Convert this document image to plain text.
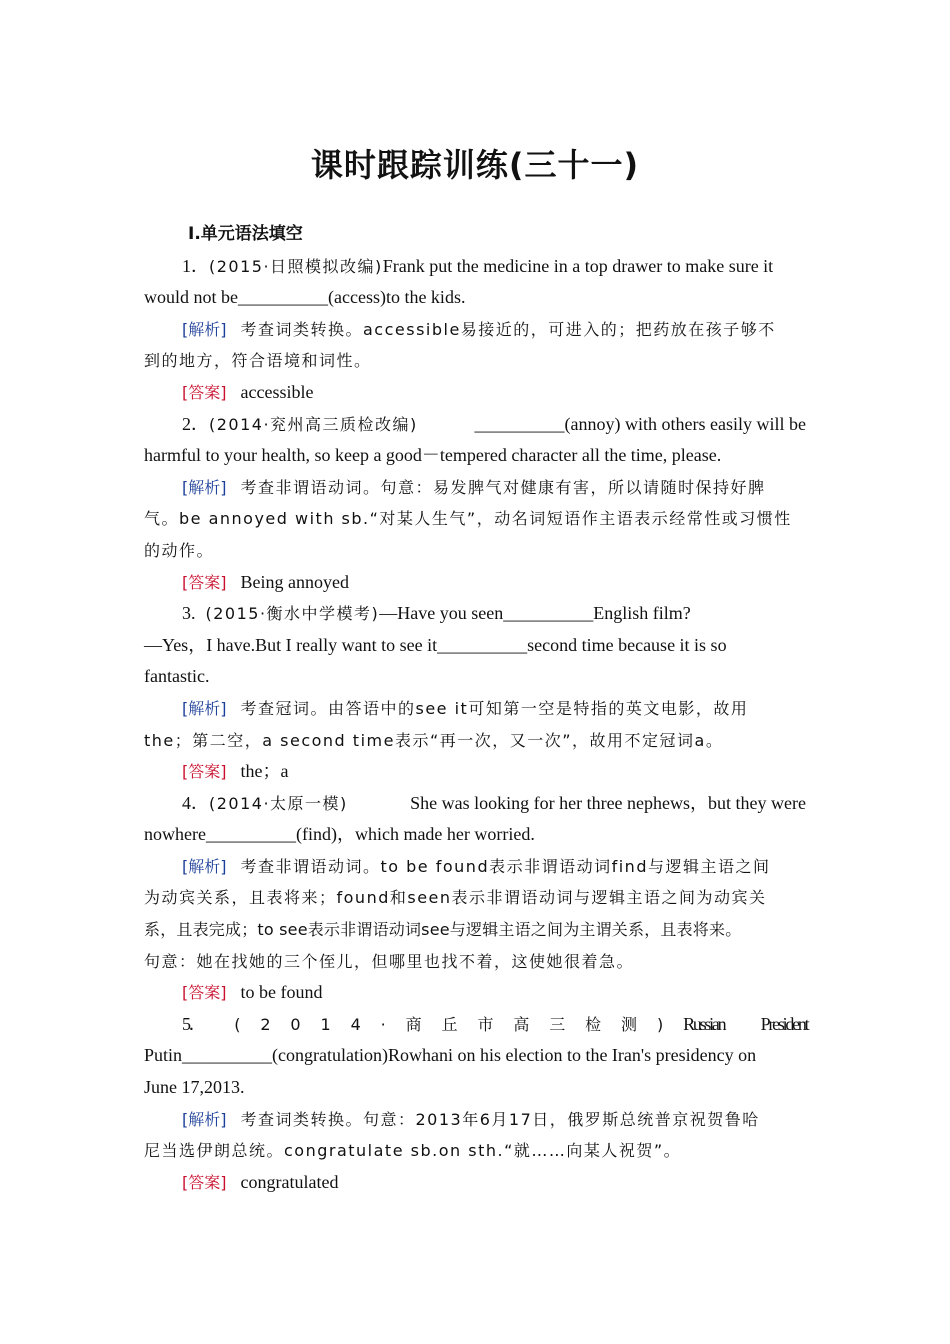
课时跟踪训练(三十一)
Ⅰ.单元语法填空
1．(2015·日照模拟改编)Frank put the medicine in a top drawer to make sure it
would not be__________(access)to the kids.
[解析] 考查词类转换。accessible易接近的，可进入的；把药放在孩子够不
到的地方，符合语境和词性。
[答案] accessible
2．(2014·兖州高三质检改编)	__________(annoy) with others easily will be
harmful to your health, so keep a good－tempered character all the time, please.
[解析] 考查非谓语动词。句意：易发脾气对健康有害，所以请随时保持好脾
气。be annoyed with sb.“对某人生气”，动名词短语作主语表示经常性或习惯性
的动作。
[答案] Being annoyed
3. (2015·衡水中学模考)—Have you seen__________English film?
—Yes，I have.But I really want to see it__________second time because it is so
fantastic.
[解析] 考查冠词。由答语中的see it可知第一空是特指的英文电影，故用
the；第二空，a second time表示“再一次，又一次”，故用不定冠词a。
[答案] the；a
4．(2014·太原一模)	She was looking for her three nephews，but they were
nowhere__________(find)，which made her worried.
[解析] 考查非谓语动词。to be found表示非谓语动词find与逻辑主语之间
为动宾关系，且表将来；found和seen表示非谓语动词与逻辑主语之间为动宾关
系，且表完成；to see表示非谓语动词see与逻辑主语之间为主谓关系，且表将来。
句意：她在找她的三个侄儿，但哪里也找不着，这使她很着急。
[答案] to be found
5． (2014·商丘市高三检测) Russian President
Putin__________(congratulation)Rowhani on his election to the Iran's presidency on
June 17,2013.
[解析] 考查词类转换。句意：2013年6月17日，俄罗斯总统普京祝贺鲁哈
尼当选伊朗总统。congratulate sb.on sth.“就……向某人祝贺”。
[答案] congratulated
